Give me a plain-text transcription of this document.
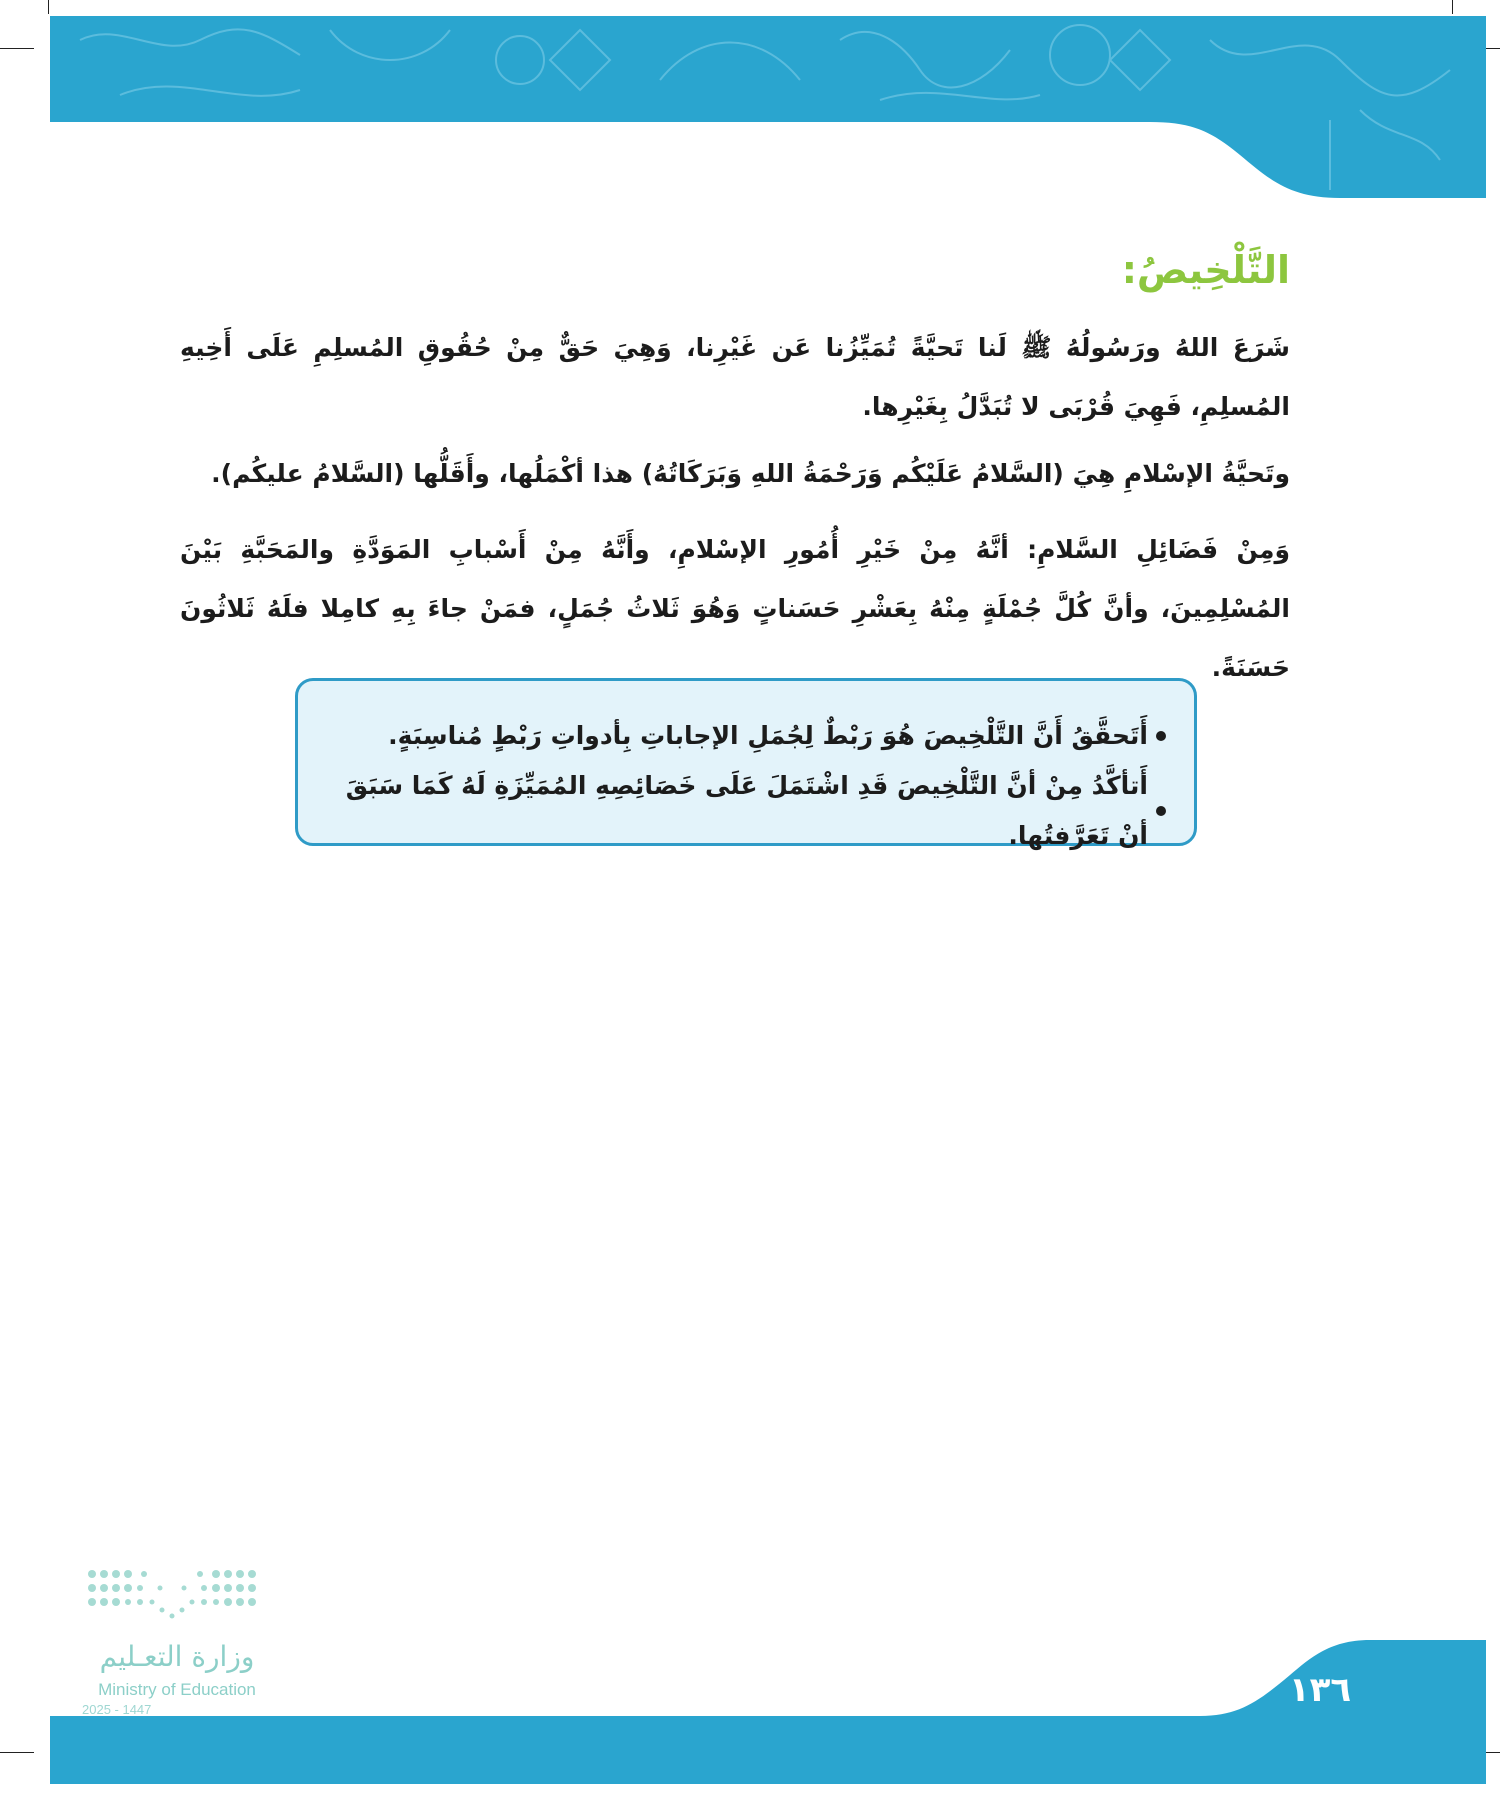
التَّلْخِيصُ:
شَرَعَ اللهُ ورَسُولُهُ ﷺ لَنا تَحيَّةً تُمَيِّزُنا عَن غَيْرِنا، وَهِيَ حَقٌّ مِنْ حُقُوقِ المُسلِمِ عَلَى أَخِيهِ المُسلِمِ، فَهِيَ قُرْبَى لا تُبَدَّلُ بِغَيْرِها.
وتَحيَّةُ الإسْلامِ هِيَ (السَّلامُ عَلَيْكُم وَرَحْمَةُ اللهِ وَبَرَكَاتُهُ) هذا أكْمَلُها، وأَقَلُّها (السَّلامُ عليكُم).
وَمِنْ فَضَائِلِ السَّلامِ: أنَّهُ مِنْ خَيْرِ أُمُورِ الإسْلامِ، وأَنَّهُ مِنْ أَسْبابِ المَوَدَّةِ والمَحَبَّةِ بَيْنَ المُسْلِمِينَ، وأنَّ كُلَّ جُمْلَةٍ مِنْهُ بِعَشْرِ حَسَناتٍ وَهُوَ ثَلاثُ جُمَلٍ، فمَنْ جاءَ بِهِ كامِلا فلَهُ ثَلاثُونَ حَسَنَةً.
أَتَحقَّقُ أَنَّ التَّلْخِيصَ هُوَ رَبْطٌ لِجُمَلِ الإجاباتِ بِأدواتِ رَبْطٍ مُناسِبَةٍ.
أَتأكَّدُ مِنْ أنَّ التَّلْخِيصَ قَدِ اشْتَمَلَ عَلَى خَصَائِصِهِ المُمَيِّزَةِ لَهُ كَمَا سَبَقَ أنْ تَعَرَّفتُها.
وزارة التعـليم
Ministry of Education
2025 - 1447	١٣٦
